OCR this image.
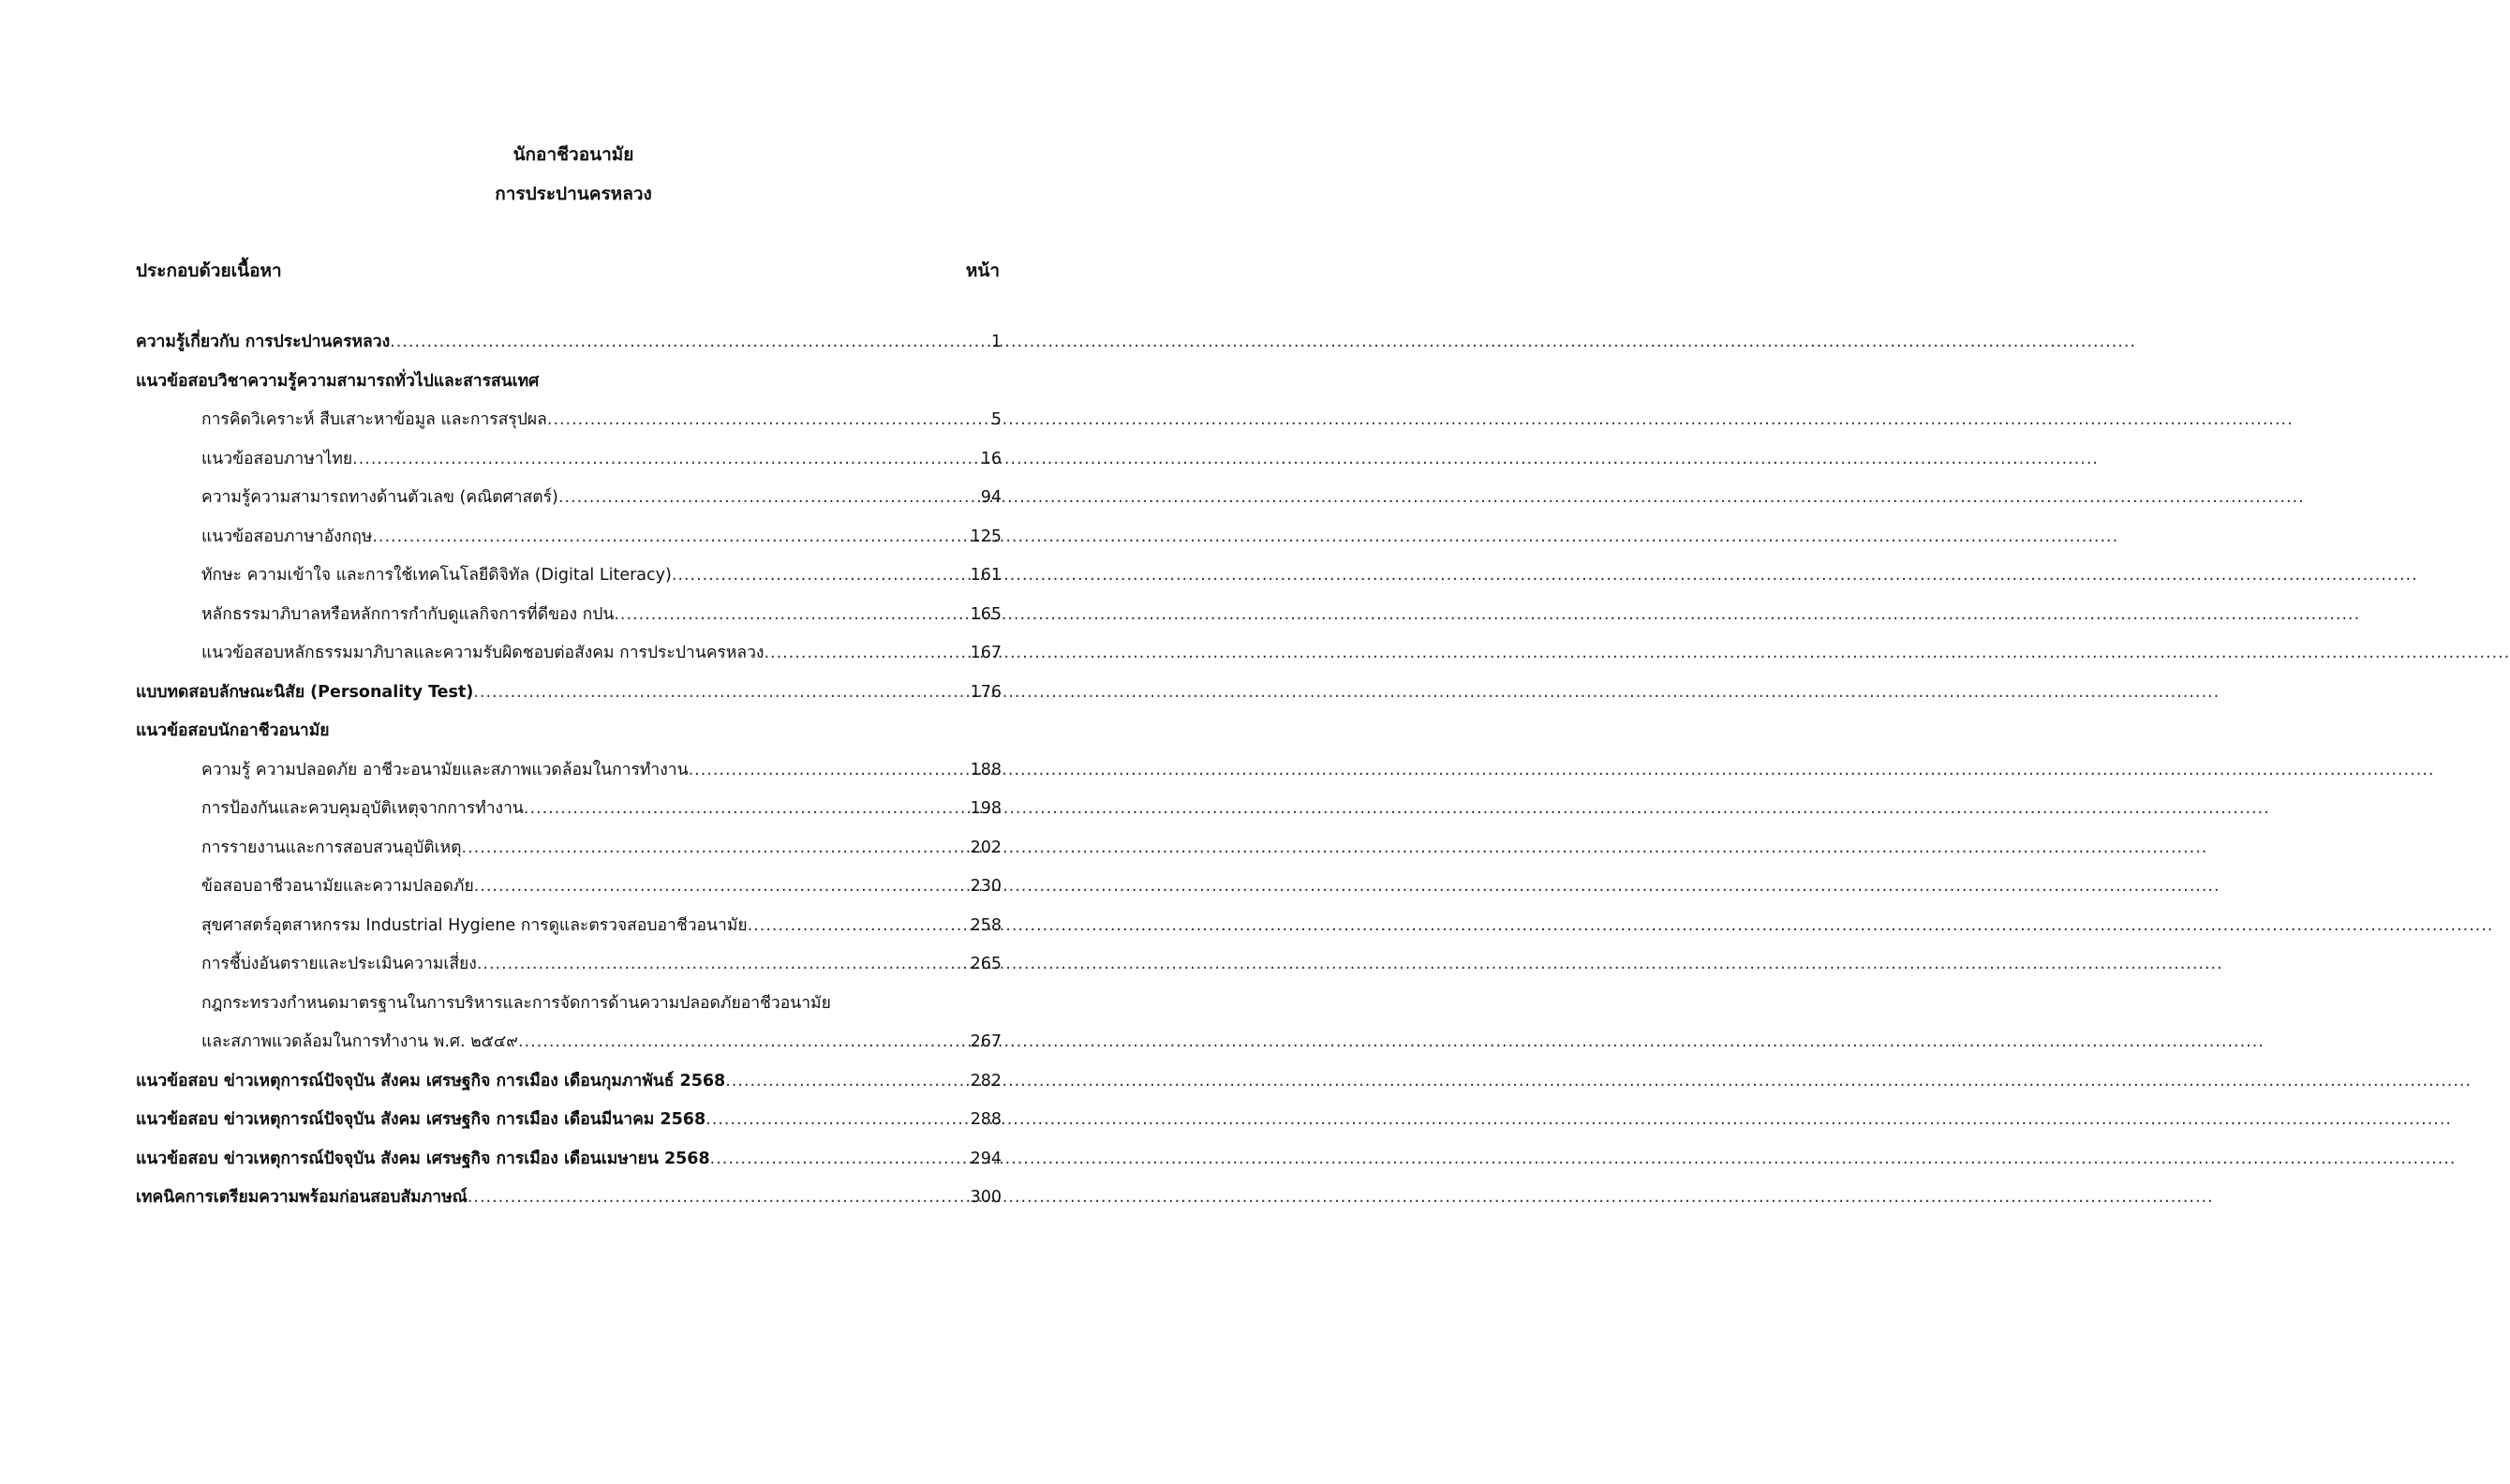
นักอาชีวอนามัย
การประปานครหลวง
ประกอบด้วยเนื้อหา	หน้า
ความรู้เกี่ยวกับ การประปานครหลวง .....	1
แนวข้อสอบวิชาความรู้ความสามารถทั่วไปและสารสนเทศ
การคิดวิเคราะห์ สืบเสาะหาข้อมูล และการสรุปผล .....	5
แนวข้อสอบภาษาไทย .....	16
ความรู้ความสามารถทางด้านตัวเลข (คณิตศาสตร์) .....	94
แนวข้อสอบภาษาอังกฤษ .....	125
ทักษะ ความเข้าใจ และการใช้เทคโนโลยีดิจิทัล (Digital Literacy) .....	161
หลักธรรมาภิบาลหรือหลักการกำกับดูแลกิจการที่ดีของ กปน .....	165
แนวข้อสอบหลักธรรมมาภิบาลและความรับผิดชอบต่อสังคม การประปานครหลวง .....	167
แบบทดสอบลักษณะนิสัย (Personality Test) .....	176
แนวข้อสอบนักอาชีวอนามัย
ความรู้ ความปลอดภัย อาชีวะอนามัยและสภาพแวดล้อมในการทำงาน .....	188
การป้องกันและควบคุมอุบัติเหตุจากการทำงาน .....	198
การรายงานและการสอบสวนอุบัติเหตุ .....	202
ข้อสอบอาชีวอนามัยและความปลอดภัย .....	230
สุขศาสตร์อุตสาหกรรม Industrial Hygiene การดูและตรวจสอบอาชีวอนามัย .....	258
การชี้บ่งอันตรายและประเมินความเสี่ยง .....	265
กฎกระทรวงกำหนดมาตรฐานในการบริหารและการจัดการด้านความปลอดภัยอาชีวอนามัย
และสภาพแวดล้อมในการทำงาน พ.ศ. ๒๕๔๙ .....	267
แนวข้อสอบ ข่าวเหตุการณ์ปัจจุบัน สังคม เศรษฐกิจ การเมือง เดือนกุมภาพันธ์ 2568 .....	282
แนวข้อสอบ ข่าวเหตุการณ์ปัจจุบัน สังคม เศรษฐกิจ การเมือง เดือนมีนาคม 2568 .....	288
แนวข้อสอบ ข่าวเหตุการณ์ปัจจุบัน สังคม เศรษฐกิจ การเมือง เดือนเมษายน 2568 .....	294
เทคนิคการเตรียมความพร้อมก่อนสอบสัมภาษณ์ .....	300
